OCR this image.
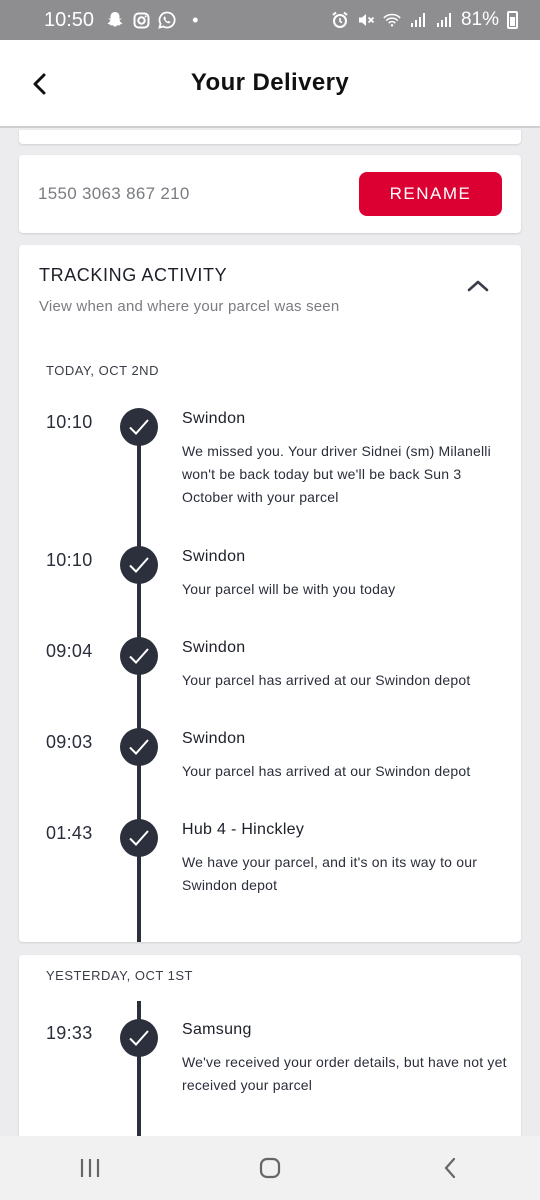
10:50	•	81%
Your Delivery
1550 3063 867 210	RENAME
TRACKING ACTIVITY
View when and where your parcel was seen
TODAY, OCT 2ND
10:10	Swindon
We missed you. Your driver Sidnei (sm) Milanelli won't be back today but we'll be back Sun 3 October with your parcel
10:10	Swindon
Your parcel will be with you today
09:04	Swindon
Your parcel has arrived at our Swindon depot
09:03	Swindon
Your parcel has arrived at our Swindon depot
01:43	Hub 4 - Hinckley
We have your parcel, and it's on its way to our Swindon depot
YESTERDAY, OCT 1ST
19:33	Samsung
We've received your order details, but have not yet received your parcel
